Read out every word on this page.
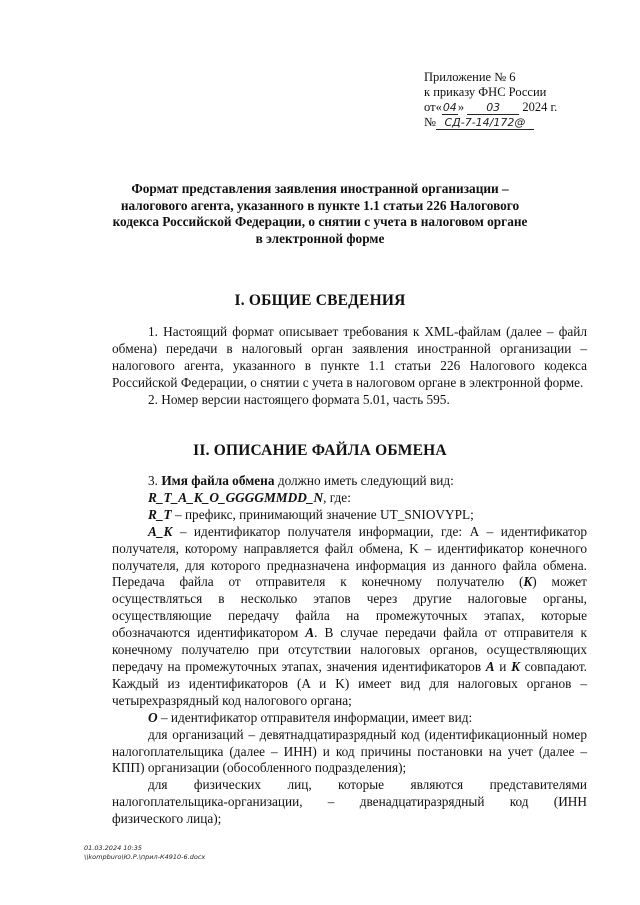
Приложение № 6
к приказу ФНС России
от«04» 03 2024 г.
№ СД-7-14/172@
Формат представления заявления иностранной организации – налогового агента, указанного в пункте 1.1 статьи 226 Налогового кодекса Российской Федерации, о снятии с учета в налоговом органе в электронной форме
I. ОБЩИЕ СВЕДЕНИЯ

1. Настоящий формат описывает требования к XML-файлам (далее – файл обмена) передачи в налоговый орган заявления иностранной организации – налогового агента, указанного в пункте 1.1 статьи 226 Налогового кодекса Российской Федерации, о снятии с учета в налоговом органе в электронной форме.

2. Номер версии настоящего формата 5.01, часть 595.

II. ОПИСАНИЕ ФАЙЛА ОБМЕНА

3. Имя файла обмена должно иметь следующий вид:

R_T_A_K_O_GGGGMMDD_N, где:

R_T – префикс, принимающий значение UT_SNIOVYPL;

A_K – идентификатор получателя информации, где: А – идентификатор получателя, которому направляется файл обмена, K – идентификатор конечного получателя, для которого предназначена информация из данного файла обмена. Передача файла от отправителя к конечному получателю (K) может осуществляться в несколько этапов через другие налоговые органы, осуществляющие передачу файла на промежуточных этапах, которые обозначаются идентификатором A. В случае передачи файла от отправителя к конечному получателю при отсутствии налоговых органов, осуществляющих передачу на промежуточных этапах, значения идентификаторов A и K совпадают. Каждый из идентификаторов (A и K) имеет вид для налоговых органов – четырехразрядный код налогового органа;

O – идентификатор отправителя информации, имеет вид:

для организаций – девятнадцатиразрядный код (идентификационный номер налогоплательщика (далее – ИНН) и код причины постановки на учет (далее – КПП) организации (обособленного подразделения);

для физических лиц, которые являются представителями

налогоплательщика-организации, – двенадцатиразрядный код (ИНН

физического лица);

01.03.2024 10:35
\\kompburo\Ю.Р.\прил-К4910-6.docx
